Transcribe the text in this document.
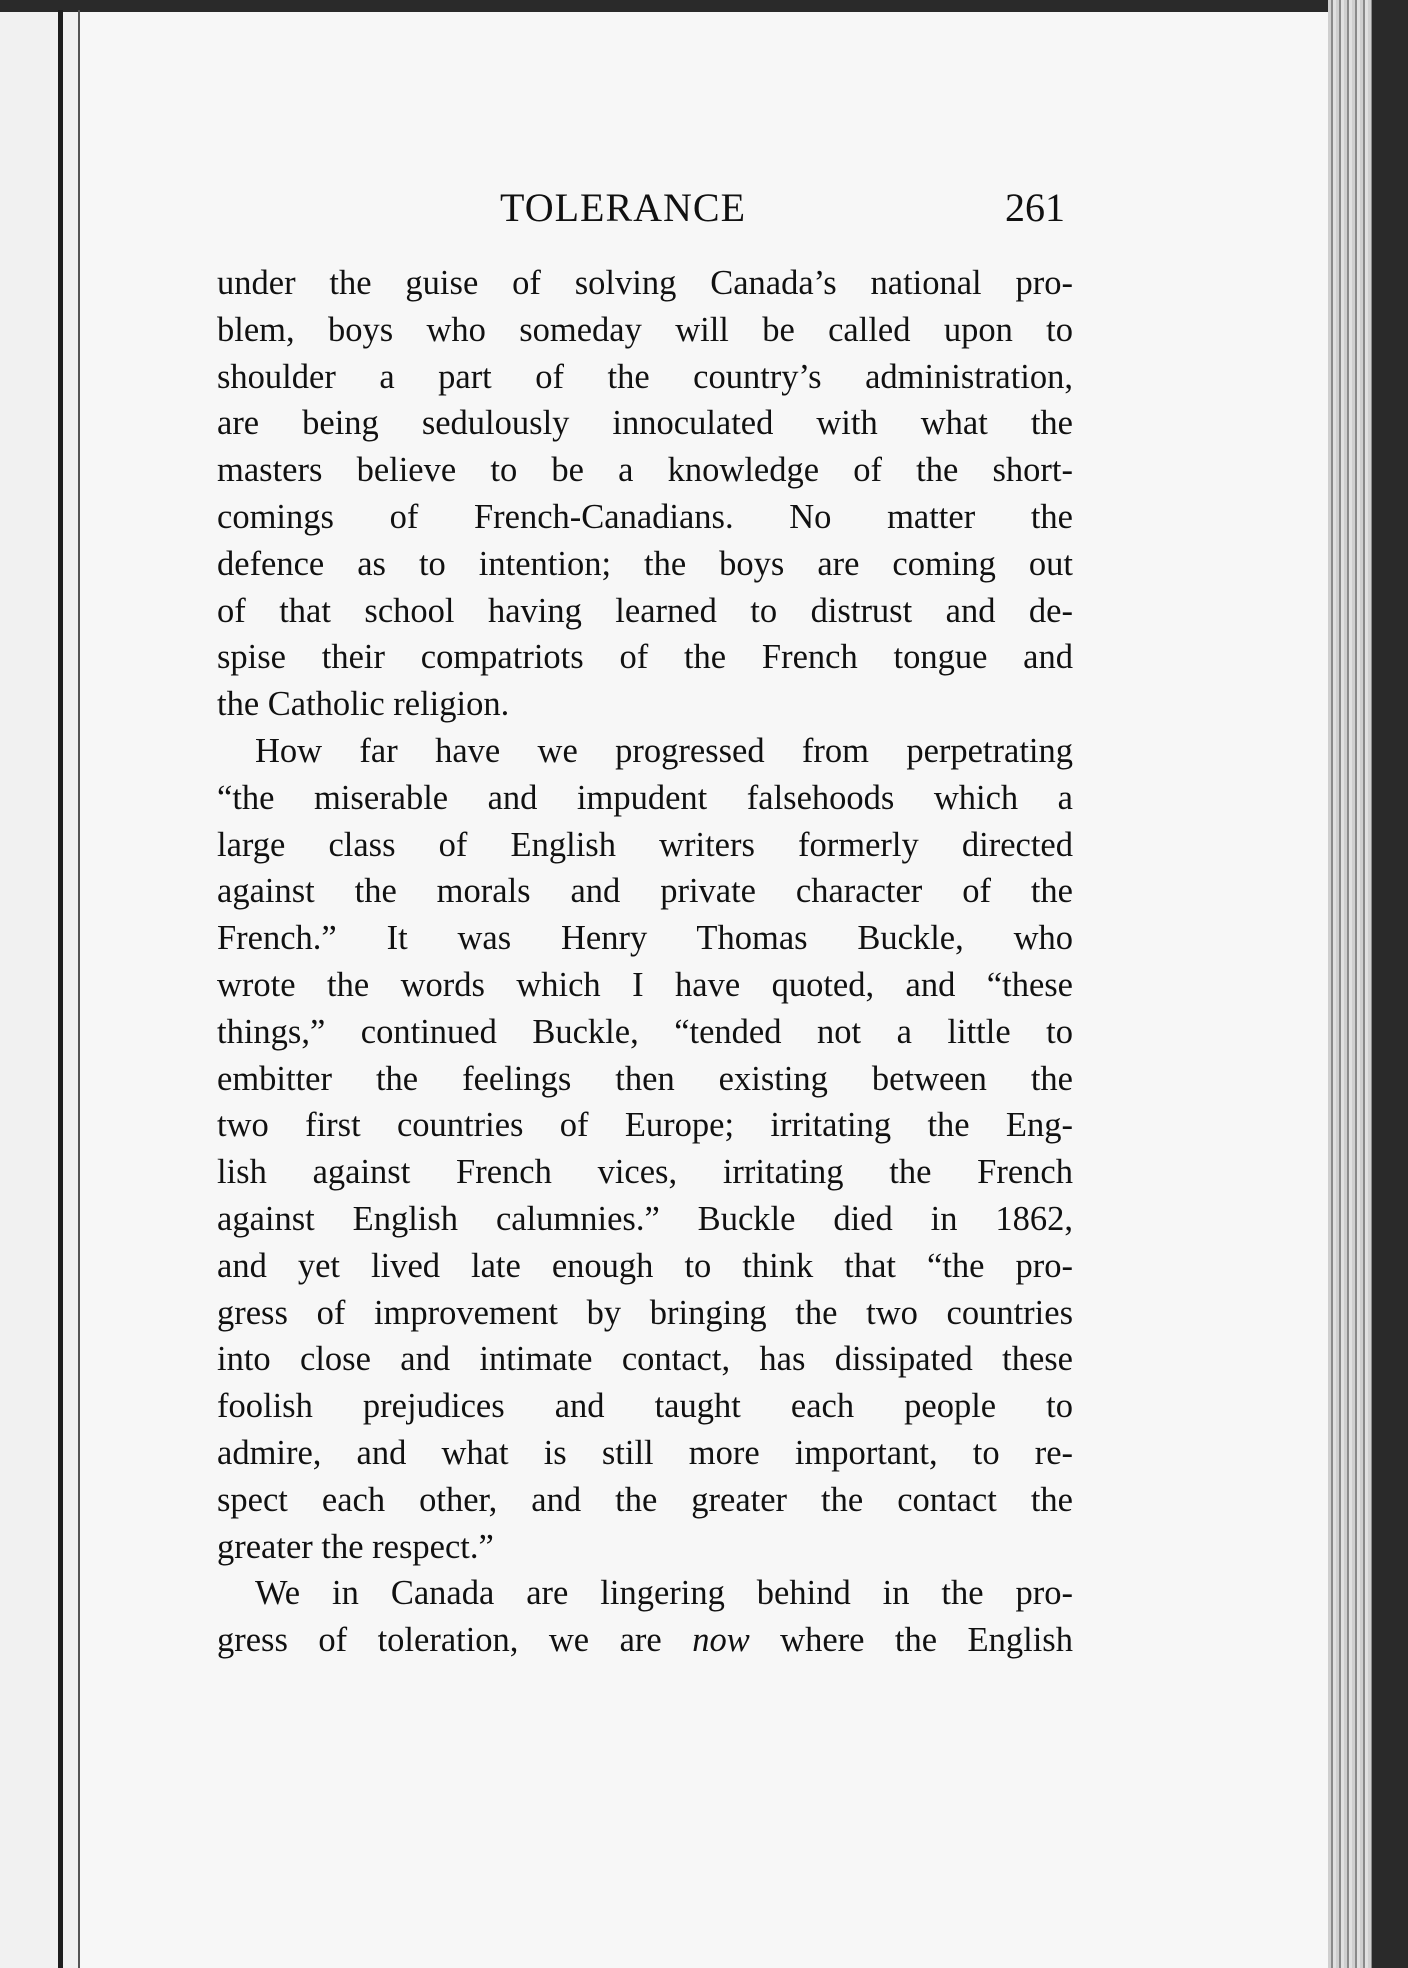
TOLERANCE	261
under the guise of solving Canada’s national pro-
blem, boys who someday will be called upon to
shoulder a part of the country’s administration,
are being sedulously innoculated with what the
masters believe to be a knowledge of the short-
comings of French-Canadians. No matter the
defence as to intention; the boys are coming out
of that school having learned to distrust and de-
spise their compatriots of the French tongue and
the Catholic religion.
How far have we progressed from perpetrating
“the miserable and impudent falsehoods which a
large class of English writers formerly directed
against the morals and private character of the
French.” It was Henry Thomas Buckle, who
wrote the words which I have quoted, and “these
things,” continued Buckle, “tended not a little to
embitter the feelings then existing between the
two first countries of Europe; irritating the Eng-
lish against French vices, irritating the French
against English calumnies.” Buckle died in 1862,
and yet lived late enough to think that “the pro-
gress of improvement by bringing the two countries
into close and intimate contact, has dissipated these
foolish prejudices and taught each people to
admire, and what is still more important, to re-
spect each other, and the greater the contact the
greater the respect.”
We in Canada are lingering behind in the pro-
gress of toleration, we are now where the English
